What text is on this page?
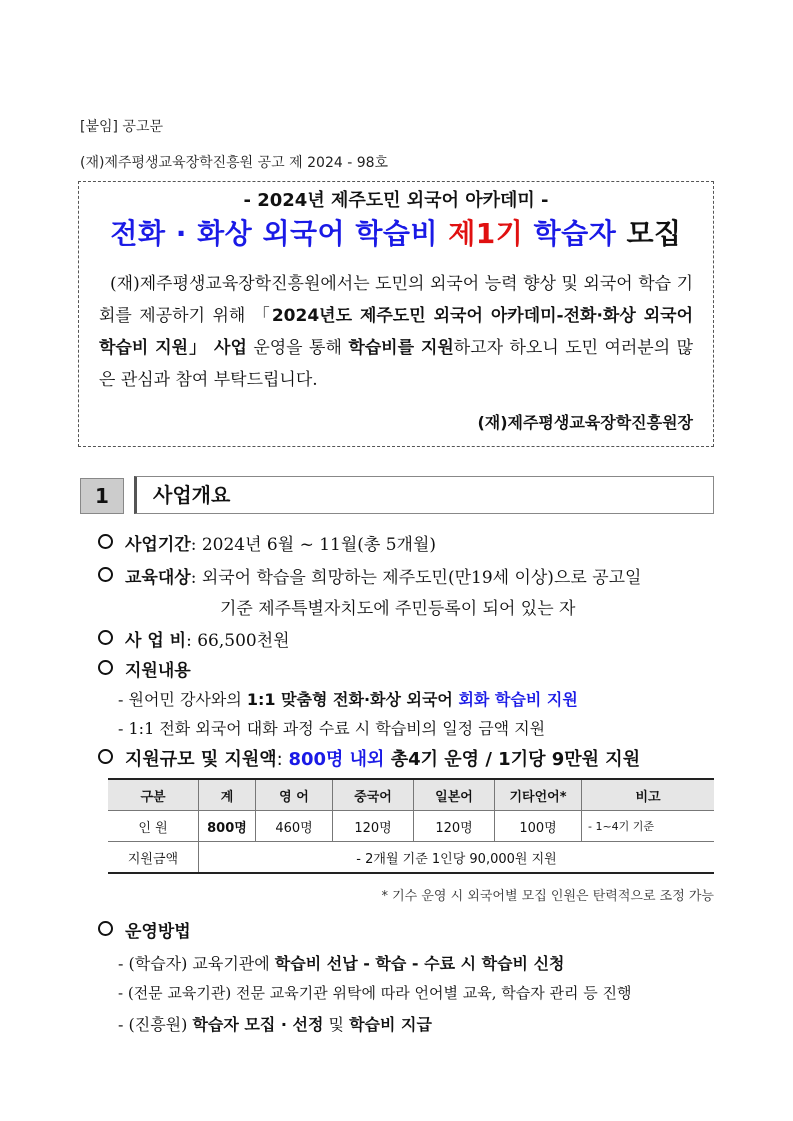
[붙임] 공고문
(재)제주평생교육장학진흥원 공고 제 2024 - 98호
- 2024년 제주도민 외국어 아카데미 -
전화 · 화상 외국어 학습비 제1기 학습자 모집
(재)제주평생교육장학진흥원에서는 도민의 외국어 능력 향상 및 외국어 학습 기회를 제공하기 위해 「2024년도 제주도민 외국어 아카데미-전화·화상 외국어 학습비 지원」 사업 운영을 통해 학습비를 지원하고자 하오니 도민 여러분의 많은 관심과 참여 부탁드립니다.
(재)제주평생교육장학진흥원장
1	사업개요
사업기간: 2024년 6월 ~ 11월(총 5개월)
교육대상: 외국어 학습을 희망하는 제주도민(만19세 이상)으로 공고일
기준 제주특별자치도에 주민등록이 되어 있는 자
사 업 비: 66,500천원
지원내용
- 원어민 강사와의 1:1 맞춤형 전화·화상 외국어 회화 학습비 지원
- 1:1 전화 외국어 대화 과정 수료 시 학습비의 일정 금액 지원
지원규모 및 지원액: 800명 내외 총4기 운영 / 1기당 9만원 지원
구분	계	영 어	중국어	일본어	기타언어*	비고
인 원	800명	460명	120명	120명	100명	- 1~4기 기준
지원금액	- 2개월 기준 1인당 90,000원 지원					
* 기수 운영 시 외국어별 모집 인원은 탄력적으로 조정 가능
운영방법
- (학습자) 교육기관에 학습비 선납 - 학습 - 수료 시 학습비 신청
- (전문 교육기관) 전문 교육기관 위탁에 따라 언어별 교육, 학습자 관리 등 진행
- (진흥원) 학습자 모집 · 선정 및 학습비 지급
